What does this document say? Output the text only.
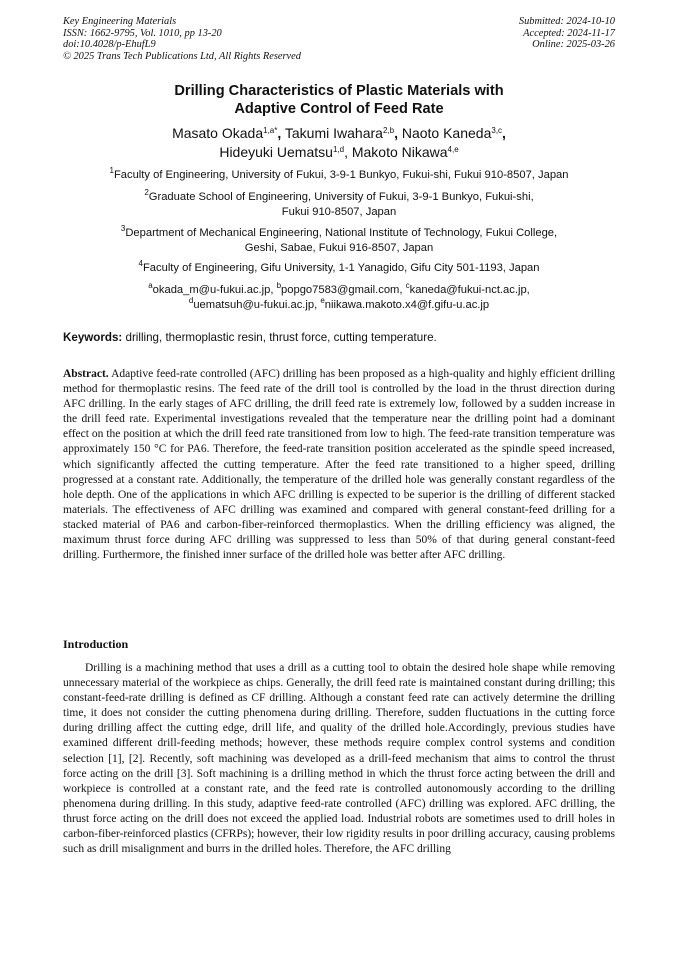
Key Engineering Materials
ISSN: 1662-9795, Vol. 1010, pp 13-20
doi:10.4028/p-EhufL9
© 2025 Trans Tech Publications Ltd, All Rights Reserved
Submitted: 2024-10-10
Accepted: 2024-11-17
Online: 2025-03-26
Drilling Characteristics of Plastic Materials with
Adaptive Control of Feed Rate
Masato Okada$^{1,a*}$, Takumi Iwahara$^{2,b}$, Naoto Kaneda$^{3,c}$,
Hideyuki Uematsu$^{1,d}$, Makoto Nikawa$^{4,e}$
$^1$Faculty of Engineering, University of Fukui, 3-9-1 Bunkyo, Fukui-shi, Fukui 910-8507, Japan
$^2$Graduate School of Engineering, University of Fukui, 3-9-1 Bunkyo, Fukui-shi,
Fukui 910-8507, Japan
$^3$Department of Mechanical Engineering, National Institute of Technology, Fukui College,
Geshi, Sabae, Fukui 916-8507, Japan
$^4$Faculty of Engineering, Gifu University, 1-1 Yanagido, Gifu City 501-1193, Japan
$^a$okada_m@u-fukui.ac.jp, $^b$popgo7583@gmail.com, $^c$kaneda@fukui-nct.ac.jp,
$^d$uematsuh@u-fukui.ac.jp, $^e$niikawa.makoto.x4@f.gifu-u.ac.jp
Keywords: drilling, thermoplastic resin, thrust force, cutting temperature.
Abstract. Adaptive feed-rate controlled (AFC) drilling has been proposed as a high-quality and highly efficient drilling method for thermoplastic resins. The feed rate of the drill tool is controlled by the load in the thrust direction during AFC drilling. In the early stages of AFC drilling, the drill feed rate is extremely low, followed by a sudden increase in the drill feed rate. Experimental investigations revealed that the temperature near the drilling point had a dominant effect on the position at which the drill feed rate transitioned from low to high. The feed-rate transition temperature was approximately 150 °C for PA6. Therefore, the feed-rate transition position accelerated as the spindle speed increased, which significantly affected the cutting temperature. After the feed rate transitioned to a higher speed, drilling progressed at a constant rate. Additionally, the temperature of the drilled hole was generally constant regardless of the hole depth. One of the applications in which AFC drilling is expected to be superior is the drilling of different stacked materials. The effectiveness of AFC drilling was examined and compared with general constant-feed drilling for a stacked material of PA6 and carbon-fiber-reinforced thermoplastics. When the drilling efficiency was aligned, the maximum thrust force during AFC drilling was suppressed to less than 50% of that during general constant-feed drilling. Furthermore, the finished inner surface of the drilled hole was better after AFC drilling.
Introduction
Drilling is a machining method that uses a drill as a cutting tool to obtain the desired hole shape while removing unnecessary material of the workpiece as chips. Generally, the drill feed rate is maintained constant during drilling; this constant-feed-rate drilling is defined as CF drilling. Although a constant feed rate can actively determine the drilling time, it does not consider the cutting phenomena during drilling. Therefore, sudden fluctuations in the cutting force during drilling affect the cutting edge, drill life, and quality of the drilled hole.Accordingly, previous studies have examined different drill-feeding methods; however, these methods require complex control systems and condition selection [1], [2]. Recently, soft machining was developed as a drill-feed mechanism that aims to control the thrust force acting on the drill [3]. Soft machining is a drilling method in which the thrust force acting between the drill and workpiece is controlled at a constant rate, and the feed rate is controlled autonomously according to the drilling phenomena during drilling. In this study, adaptive feed-rate controlled (AFC) drilling was explored. AFC drilling, the thrust force acting on the drill does not exceed the applied load. Industrial robots are sometimes used to drill holes in carbon-fiber-reinforced plastics (CFRPs); however, their low rigidity results in poor drilling accuracy, causing problems such as drill misalignment and burrs in the drilled holes. Therefore, the AFC drilling
